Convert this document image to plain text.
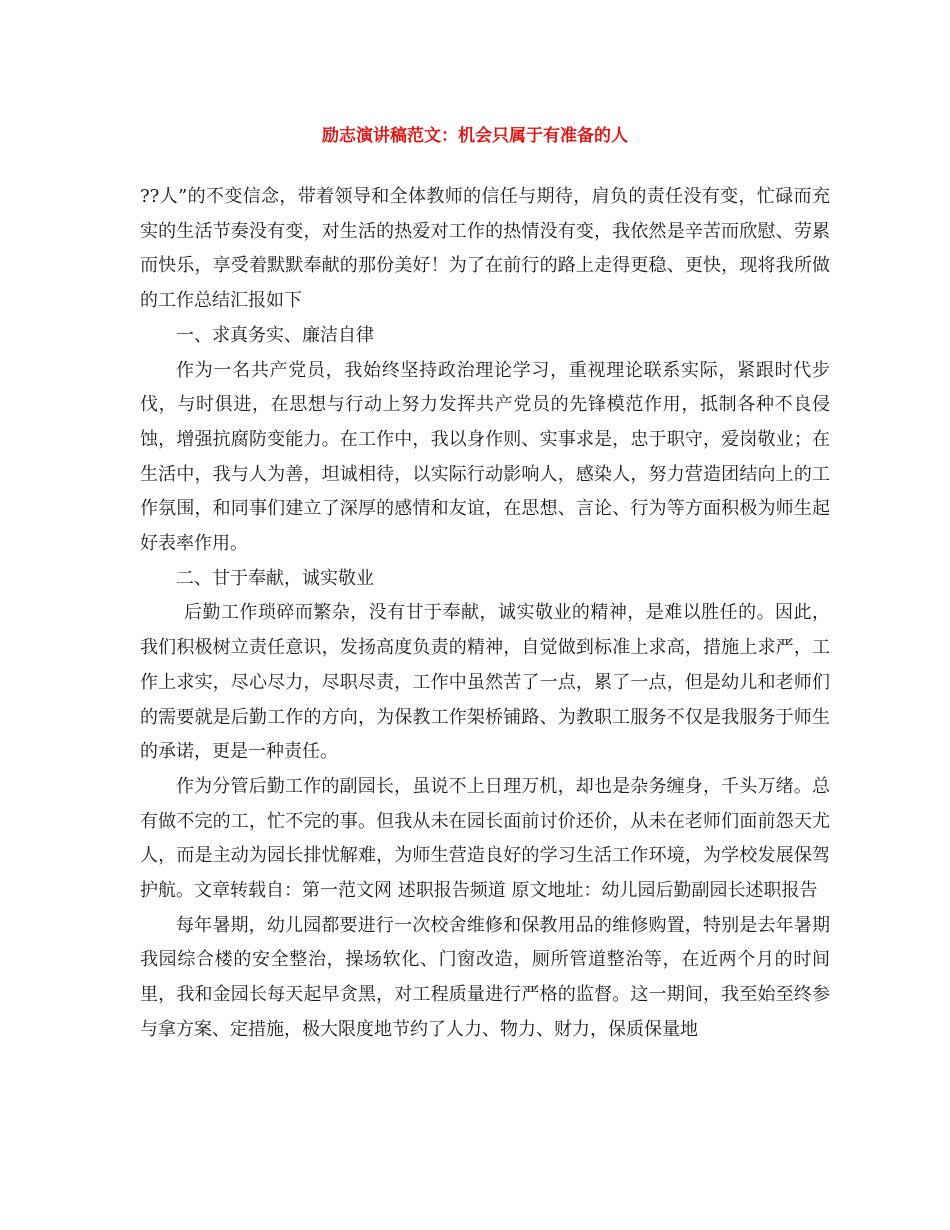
励志演讲稿范文：机会只属于有准备的人

??人”的不变信念，带着领导和全体教师的信任与期待，肩负的责任没有变，忙碌而充实的生活节奏没有变，对生活的热爱对工作的热情没有变，我依然是辛苦而欣慰、劳累而快乐，享受着默默奉献的那份美好！为了在前行的路上走得更稳、更快，现将我所做的工作总结汇报如下

一、求真务实、廉洁自律

作为一名共产党员，我始终坚持政治理论学习，重视理论联系实际，紧跟时代步伐，与时俱进，在思想与行动上努力发挥共产党员的先锋模范作用，抵制各种不良侵蚀，增强抗腐防变能力。在工作中，我以身作则、实事求是，忠于职守，爱岗敬业；在生活中，我与人为善，坦诚相待，以实际行动影响人，感染人，努力营造团结向上的工作氛围，和同事们建立了深厚的感情和友谊，在思想、言论、行为等方面积极为师生起好表率作用。

二、甘于奉献，诚实敬业

后勤工作琐碎而繁杂，没有甘于奉献，诚实敬业的精神，是难以胜任的。因此，我们积极树立责任意识，发扬高度负责的精神，自觉做到标准上求高，措施上求严，工作上求实，尽心尽力，尽职尽责，工作中虽然苦了一点，累了一点，但是幼儿和老师们的需要就是后勤工作的方向，为保教工作架桥铺路、为教职工服务不仅是我服务于师生的承诺，更是一种责任。

作为分管后勤工作的副园长，虽说不上日理万机，却也是杂务缠身，千头万绪。总有做不完的工，忙不完的事。但我从未在园长面前讨价还价，从未在老师们面前怨天尤人，而是主动为园长排忧解难，为师生营造良好的学习生活工作环境，为学校发展保驾护航。文章转载自：第一范文网 述职报告频道 原文地址：幼儿园后勤副园长述职报告

每年暑期，幼儿园都要进行一次校舍维修和保教用品的维修购置，特别是去年暑期我园综合楼的安全整治，操场软化、门窗改造，厕所管道整治等，在近两个月的时间里，我和金园长每天起早贪黑，对工程质量进行严格的监督。这一期间，我至始至终参与拿方案、定措施，极大限度地节约了人力、物力、财力，保质保量地
